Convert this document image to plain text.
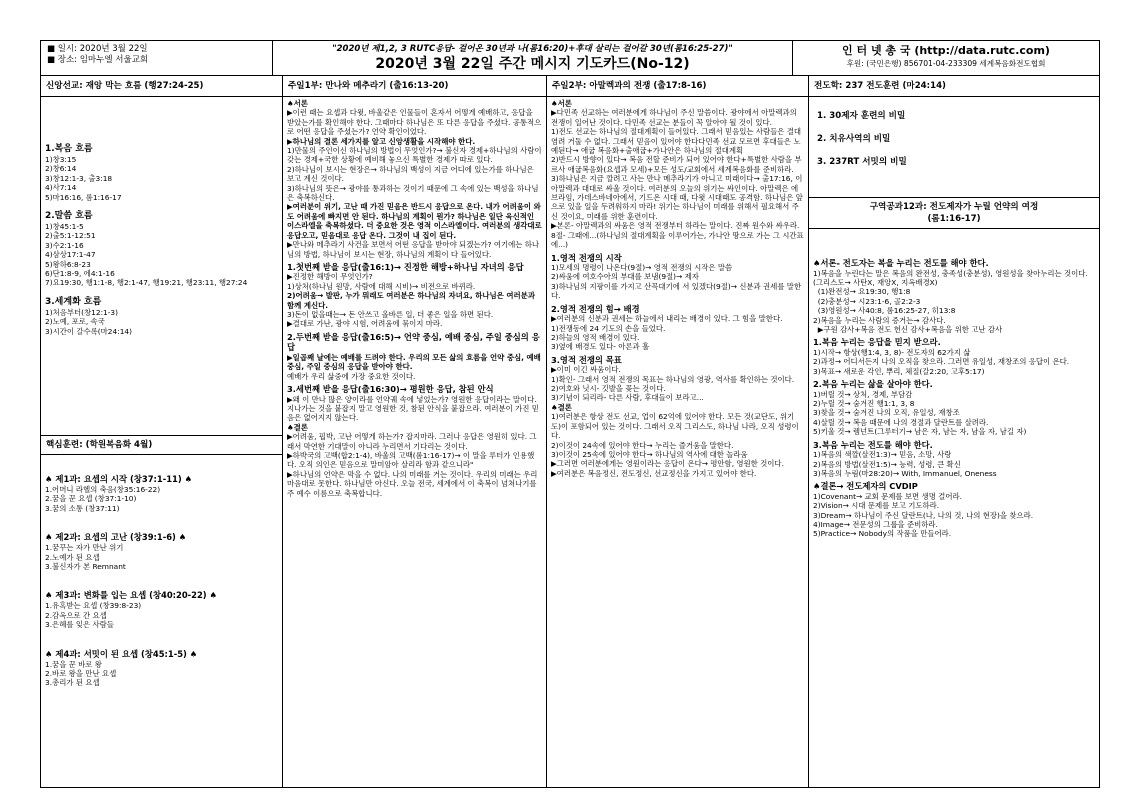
■ 일시: 2020년 3월 22일
■ 장소: 임마누엘 서울교회
"2020년 제1,2, 3 RUTC응답- 걸어온 30년과 나(롬16:20)+후대 살리는 걸어갈 30년(롬16:25-27)"
2020년 3월 22일 주간 메시지 기도카드(No-12)
인 터 넷 총 국 (http://data.rutc.com)
후원: (국민은행) 856701-04-233309 세계복음화전도협회
신앙선교: 재앙 막는 흐름 (행27:24-25)
1.복음 흐름
1)창3:15
2)창6:14
3)창12:1-3, 출3:18
4)사7:14
5)마16:16, 롬1:16-17
2.말씀 흐름
1)창45:1-5
2)출5:1-12:51
3)수2:1-16
4)삼상17:1-47
5)왕하6:8-23
6)단1:8-9, 에4:1-16
7)요19:30, 행1:1-8, 행2:1-47, 행19:21, 행23:11, 행27:24
3.세계화 흐름
1)처음부터(창12:1-3)
2)노예, 포로, 속국
3)시간이 갈수록(마24:14)
핵심훈련: (학원복음화 4월)
♠ 제1과: 요셉의 시작 (창37:1-11) ♠
1.어머니 라헬의 축음(창35:16-22)
2.꿈을 꾼 요셉 (창37:1-10)
3.꿈의 소통 (창37:11)
♠ 제2과: 요셉의 고난 (창39:1-6) ♠
1.꿈꾸는 자가 만난 위기
2.노예가 된 요셉
3.불신자가 본 Remnant
♠ 제3과: 변화를 입는 요셉 (창40:20-22) ♠
1.유혹받는 요셉 (창39:8-23)
2.감옥으로 간 요셉
3.은혜를 잊은 사람들
♠ 제4과: 서밋이 된 요셉 (창45:1-5) ♠
1.꿈을 꾼 바로 왕
2.바로 왕을 만난 요셉
3.총리가 된 요셉
주일1부: 만나와 메추라기 (출16:13-20)
♠서론
▶이런 때는 요셉과 다윗, 바울같은 인물들이 혼자서 어떻게 예배하고, 응답을 받았는가를 확인해야 한다. 그때마다 하나님은 또 다른 응답을 주셨다. 공통적으로 어떤 응답을 주셨는가? 언약 확인이었다.
▶하나님의 결론 세가지를 알고 신앙생활을 시작해야 한다.
1)만물의 주인이신 하나님의 방법이 무엇인가?→ 불신자 경제+하나님의 사람이 갖는 경제+국한 상황에 예비해 놓으신 특별한 경제가 따로 있다.
2)하나님이 보시는 현장은→ 하나님의 백성이 지금 어디에 있는가를 하나님은 보고 계신 것이다.
3)하나님의 뜻은→ 광야를 통과하는 것이기 때문에 그 속에 있는 백성을 하나님은 축복하신다.
▶여러분이 위기, 고난 때 가진 믿음은 반드시 응답으로 온다. 내가 어려움이 와도 어려움에 빠지면 안 된다. 하나님의 계획이 뭔가? 하나님은 일단 육신적인 이스라엘을 축복하셨다. 더 중요한 것은 영적 이스라엘이다. 여러분의 생각대로 응답오고, 믿음대로 응답 온다. 그것이 내 집이 된다.
▶만나와 메추라기 사건을 보면서 어떤 응답을 받아야 되겠는가? 여기에는 하나님의 방법, 하나님이 보시는 현장, 하나님의 계획이 다 들어있다.
1.첫번째 받을 응답(출16:1)→ 진정한 해방+하나님 자녀의 응답
▶진정한 해방이 무엇인가?
1)상처(하나님 원망, 사람에 대해 시비)→ 비전으로 바뀌라.
2)어려움→ 발판, 누가 뭐래도 여러분은 하나님의 자녀요, 하나님은 여러분과 함께 계신다.
3)돈이 없을때는→ 돈 안쓰고 올바른 일, 더 좋은 일을 하면 된다.
▶결대로 가난, 광야 시험, 어려움에 묶이지 마라.
2.두번째 받을 응답(출16:5)→ 언약 중심, 예배 중심, 주일 중심의 응답
▶일곱째 날에는 예배를 드려야 한다. 우리의 모든 삶의 흐름을 언약 중심, 예배 중심, 주일 중심의 응답을 받아야 한다.
예배가 우리 삶중에 가장 중요한 것이다.
3.세번째 받을 응답(출16:30)→ 평원한 응답, 참된 안식
▶왜 이 만나 많은 양이라를 언약궤 속에 넣었는가? 영원한 응답이라는 말이다. 지나가는 것을 붙잡지 말고 영원한 것, 참된 안식을 붙잡으라. 여러분이 가진 믿음은 없어지지 않는다.
♠결론
▶어려움, 핍박, 고난 어떻게 하는가? 잡지마라. 그러나 응답은 영원히 있다. 그래서 막연한 기대말이 아니라 누리면서 기다리는 것이다.
▶하박국의 고백(합2:1-4), 바울의 고백(롬1:16-17)→ 이 말을 루터가 인용했다. 오직 의인은 믿음으로 말미암아 살리라 함과 같으니라"
▶하나님의 언약은 막을 수 없다. 나의 미래를 거는 것이다. 우리의 미래는 우리 마음대로 못한다. 하나님만 아신다. 오늘 전국, 세계에서 이 축복이 넘쳐나기를 주 예수 이름으로 축복합니다.
주일2부: 아말렉과의 전쟁 (출17:8-16)
♠서론
▶다민족 선교하는 여러분에게 하나님이 주신 말씀이다. 광야에서 아말렉과의 전쟁이 일어난 것이다. 다민족 선교는 분들이 꼭 알아야 될 것이 있다.
1)전도 선교는 하나님의 절대계획이 들어있다. 그래서 믿음있는 사람들은 결대 염려 거둘 수 없다. 그래서 믿음이 있어야 한다다민족 선교 모르면 후대들은 노예된다→ 애굽 복음화+출애굽+가나안은 하나님의 절대계획
2)반드시 방향이 있다→ 복음 전할 준비가 되어 있어야 한다+특별한 사람을 부르사 애굽복음화(요셉과 모세)+모든 성도/교회에서 세계복음화를 준비하라.
3)하나님은 지금 깔려고 사는 만나 메추라기가 아니고 미래이다→ 출17:16, 이 아말렉과 대대로 싸울 것이다. 여러분의 오늘의 위기는 싸인이다. 아말렉은 에브라임, 가데스바네아에서, 기드온 시대 때, 다윗 시대때도 공격함. 하나님은 앞으로 있을 일을 두려워하지 마라! 위기는 하나님이 미래를 위해서 필요해서 주신 것이요, 미래를 위한 훈련이다.
▶본론- 아말렉과의 싸움은 영적 전쟁부터 하라는 말이다. 진짜 원수와 싸우라. 8절- 그때에...(하나님의 절대계획을 이루어가는, 가나안 땅으로 가는 그 시간표에...)
1.영적 전쟁의 시작
1)모세의 명령이 나온다(9절)→ 영적 전쟁의 시작은 말씀
2)싸움에 여호수아의 부대를 보냄(9절)→ 제자
3)하나님의 지팡이를 가지고 산꼭대기에 서 있겠다(9절)→ 신분과 권세를 말한다.
2.영적 전쟁의 힘→ 배경
▶여러분의 신분과 권세는 하늘에서 내리는 배경이 있다. 그 힘을 말한다.
1)전쟁동에 24 기도의 손을 들었다.
2)하늘의 영적 배경이 있다.
3)옆에 배경도 있다- 아론과 훌
3.영적 전쟁의 목표
▶이미 이긴 싸움이다.
1)확인- 그래서 영적 전쟁의 목표는 하나님의 영광, 역사를 확인하는 것이다.
2)여호와 닛시- 깃발을 꽂는 것이다.
3)기념이 되리라- 다른 사람, 후대들이 보라고...
♠결론
1)여러분은 항상 전도 선교, 업이 62억에 있어야 한다. 모든 것(교단도, 위기도)이 포함되어 있는 것이다. 그래서 오직 그리스도, 하나님 나라, 오직 성령이다.
2)이것이 24속에 있어야 한다→ 누리는 즐거움을 말한다.
3)이것이 25속에 있어야 한다→ 하나님의 역사에 대한 놀라움
▶그러면 여러분에게는 영원이라는 응답이 온다→ 평안함, 영원한 것이다.
▶여러분은 복음정신, 전도정신, 선교정신을 가지고 있어야 한다.
전도학: 237 전도훈련 (마24:14)
1. 30제자 훈련의 비밀
2. 치유사역의 비밀
3. 237RT 서밋의 비밀
구역공과12과: 전도제자가 누릴 언약의 여정
(롬1:16-17)
♠서론- 전도자는 복을 누리는 전도를 해야 한다.
1)복음을 누린다는 말은 복음의 완전성, 충족성(충분성), 영원성을 찾아누리는 것이다.(그리스도→ 사탄X, 재앙X, 지옥배경X)
(1)완전성→ 요19:30, 행1:8
(2)충분성→ 시23:1-6, 골2:2-3
(3)영원성→ 사40:8, 롬16:25-27, 히13:8
2)복음을 누리는 사람의 증거는→ 감사다.
▶구원 감사+복음 전도 헌신 감사+복음을 위한 고난 감사
1.복음 누리는 응답을 믿지 받으라.
1)시작→ 항상(행1:4, 3, 8)- 전도자의 62가지 삶
2)과정→ 어디서든지 나의 오직을 찾으라. 그러면 유일성, 재창조의 응답이 온다.
3)목표→ 새로운 각인, 뿌리, 체질(갈2:20, 고후5:17)
2.복음 누리는 삶을 살아야 한다.
1)버릴 것→ 상처, 경제, 부담감
2)누릴 것→ 숨겨진 행1:1, 3, 8
3)찾을 것→ 숨겨진 나의 오직, 유일성, 재창조
4)살릴 것→ 복음 때문에 나의 경절과 달란트를 살려라.
5)키울 것→ 렘넌트(그루터기→ 남은 자, 남는 자, 남을 자, 남길 자)
3.복음 누리는 전도를 해야 한다.
1)복음의 색깔(살전1:3)→ 믿음, 소망, 사랑
2)복음의 방법(살전1:5)→ 능력, 성령, 큰 확신
3)복음의 누림(마28:20)→ With, Immanuel, Oneness
♠결론→ 전도제자의 CVDIP
1)Covenant→ 교회 문제를 보면 생명 걸어라.
2)Vision→ 시대 문제를 보고 기도하라.
3)Dream→ 하나님이 주신 달란트(나, 나의 것, 나의 현장)을 찾으라.
4)Image→ 전문성의 그룹을 준비하라.
5)Practice→ Nobody의 작품을 만들어라.
